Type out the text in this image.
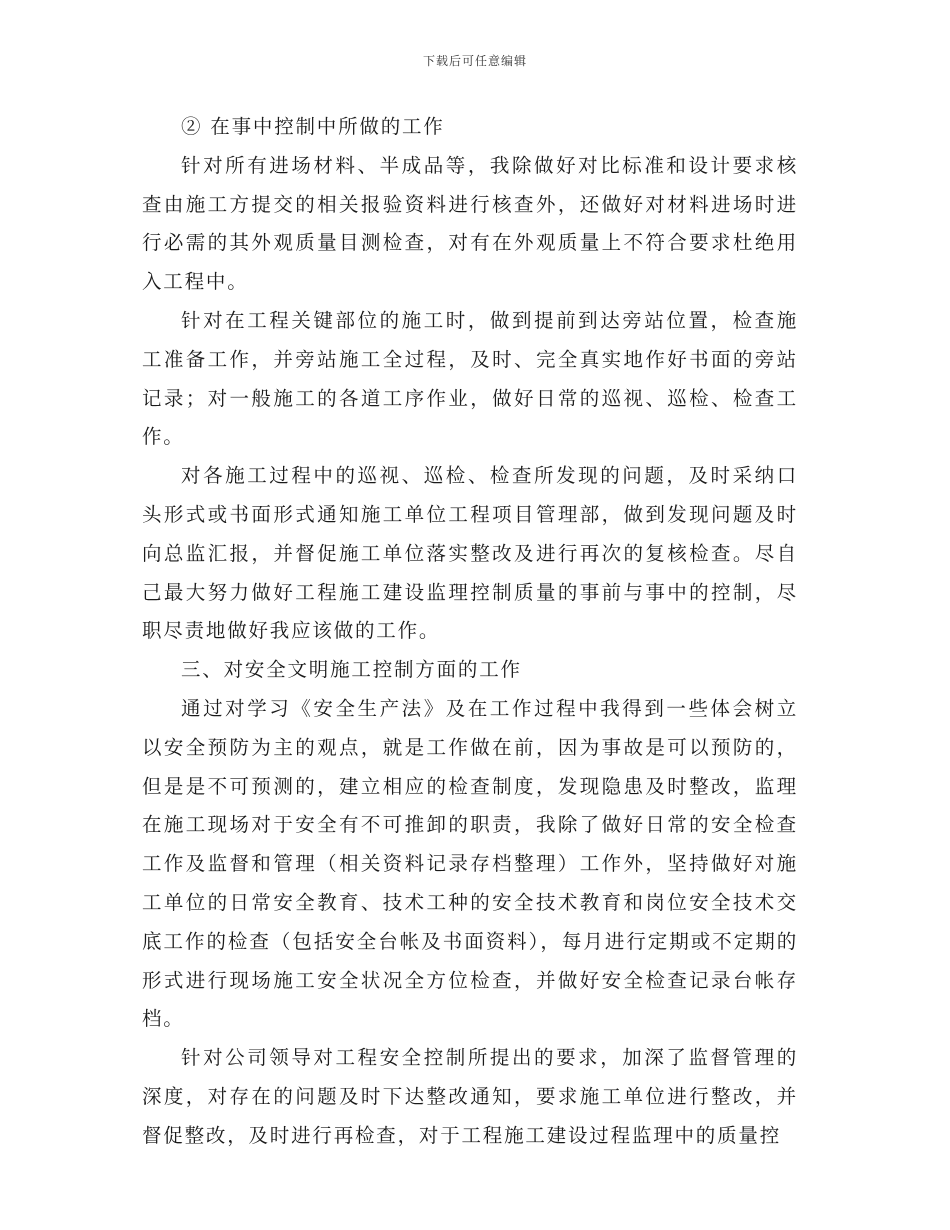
下载后可任意编辑

② 在事中控制中所做的工作

针对所有进场材料、半成品等，我除做好对比标准和设计要求核查由施工方提交的相关报验资料进行核查外，还做好对材料进场时进行必需的其外观质量目测检查，对有在外观质量上不符合要求杜绝用入工程中。

针对在工程关键部位的施工时，做到提前到达旁站位置，检查施工准备工作，并旁站施工全过程，及时、完全真实地作好书面的旁站记录；对一般施工的各道工序作业，做好日常的巡视、巡检、检查工作。

对各施工过程中的巡视、巡检、检查所发现的问题，及时采纳口头形式或书面形式通知施工单位工程项目管理部，做到发现问题及时向总监汇报，并督促施工单位落实整改及进行再次的复核检查。尽自己最大努力做好工程施工建设监理控制质量的事前与事中的控制，尽职尽责地做好我应该做的工作。

三、对安全文明施工控制方面的工作

通过对学习《安全生产法》及在工作过程中我得到一些体会树立以安全预防为主的观点，就是工作做在前，因为事故是可以预防的，但是是不可预测的，建立相应的检查制度，发现隐患及时整改，监理在施工现场对于安全有不可推卸的职责，我除了做好日常的安全检查工作及监督和管理（相关资料记录存档整理）工作外，坚持做好对施工单位的日常安全教育、技术工种的安全技术教育和岗位安全技术交底工作的检查（包括安全台帐及书面资料），每月进行定期或不定期的形式进行现场施工安全状况全方位检查，并做好安全检查记录台帐存档。

针对公司领导对工程安全控制所提出的要求，加深了监督管理的深度，对存在的问题及时下达整改通知，要求施工单位进行整改，并督促整改，及时进行再检查，对于工程施工建设过程监理中的质量控
